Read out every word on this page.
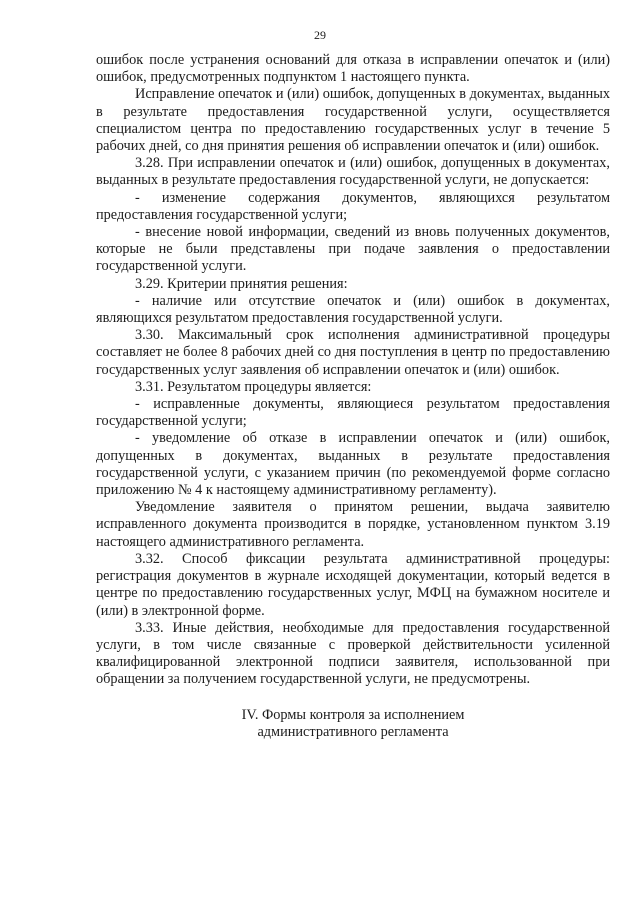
29

ошибок после устранения оснований для отказа в исправлении опечаток и (или) ошибок, предусмотренных подпунктом 1 настоящего пункта.

Исправление опечаток и (или) ошибок, допущенных в документах, выданных в результате предоставления государственной услуги, осуществляется специалистом центра по предоставлению государственных услуг в течение 5 рабочих дней, со дня принятия решения об исправлении опечаток и (или) ошибок.

3.28. При исправлении опечаток и (или) ошибок, допущенных в документах, выданных в результате предоставления государственной услуги, не допускается:

- изменение содержания документов, являющихся результатом предоставления государственной услуги;

- внесение новой информации, сведений из вновь полученных документов, которые не были представлены при подаче заявления о предоставлении государственной услуги.

3.29. Критерии принятия решения:

- наличие или отсутствие опечаток и (или) ошибок в документах, являющихся результатом предоставления государственной услуги.

3.30. Максимальный срок исполнения административной процедуры составляет не более 8 рабочих дней со дня поступления в центр по предоставлению государственных услуг заявления об исправлении опечаток и (или) ошибок.

3.31. Результатом процедуры является:

- исправленные документы, являющиеся результатом предоставления государственной услуги;

- уведомление об отказе в исправлении опечаток и (или) ошибок, допущенных в документах, выданных в результате предоставления государственной услуги, с указанием причин (по рекомендуемой форме согласно приложению № 4 к настоящему административному регламенту).

Уведомление заявителя о принятом решении, выдача заявителю исправленного документа производится в порядке, установленном пунктом 3.19 настоящего административного регламента.

3.32. Способ фиксации результата административной процедуры: регистрация документов в журнале исходящей документации, который ведется в центре по предоставлению государственных услуг, МФЦ на бумажном носителе и (или) в электронной форме.

3.33. Иные действия, необходимые для предоставления государственной услуги, в том числе связанные с проверкой действительности усиленной квалифицированной электронной подписи заявителя, использованной при обращении за получением государственной услуги, не предусмотрены.

IV. Формы контроля за исполнением
административного регламента
